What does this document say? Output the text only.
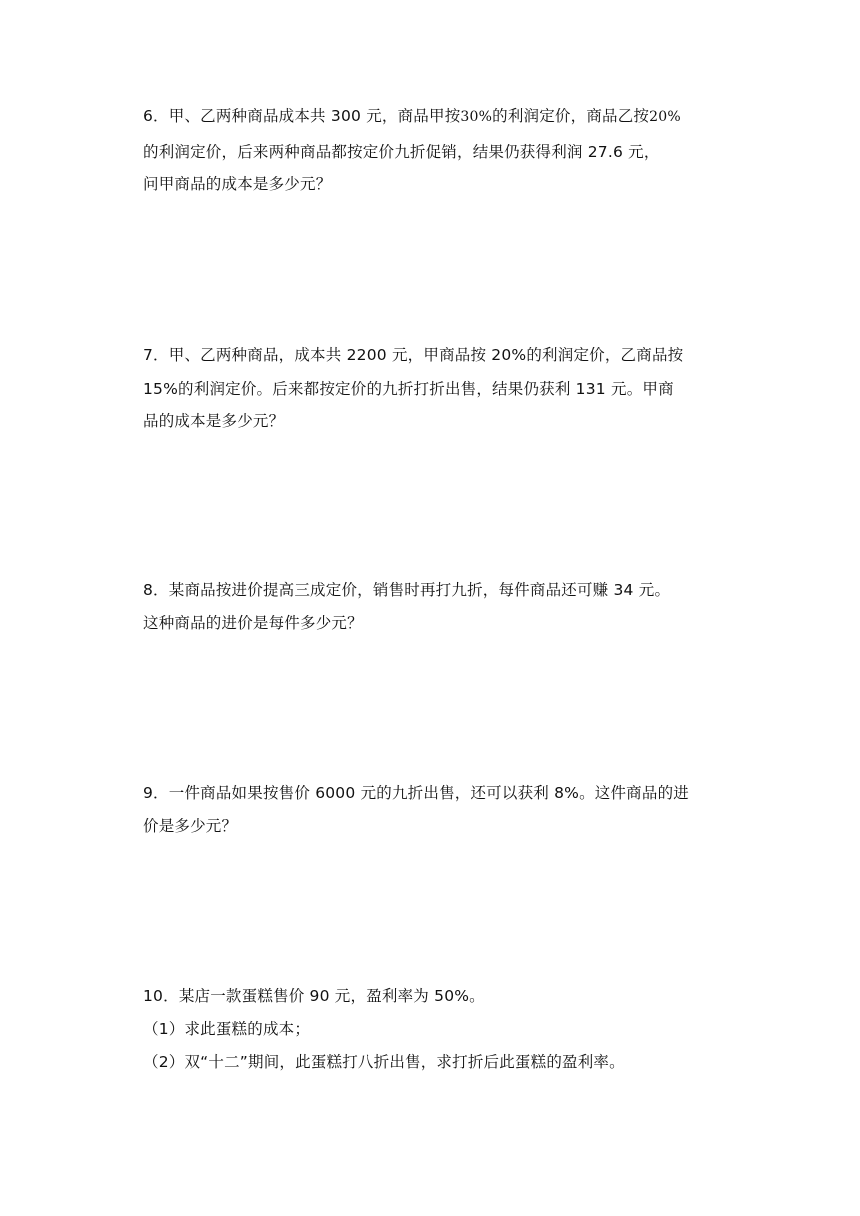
6．甲、乙两种商品成本共 300 元，商品甲按30%的利润定价，商品乙按20%
的利润定价，后来两种商品都按定价九折促销，结果仍获得利润 27.6 元，
问甲商品的成本是多少元？
7．甲、乙两种商品，成本共 2200 元，甲商品按 20%的利润定价，乙商品按
15%的利润定价。后来都按定价的九折打折出售，结果仍获利 131 元。甲商
品的成本是多少元？
8．某商品按进价提高三成定价，销售时再打九折，每件商品还可赚 34 元。
这种商品的进价是每件多少元？
9．一件商品如果按售价 6000 元的九折出售，还可以获利 8%。这件商品的进
价是多少元？
10．某店一款蛋糕售价 90 元，盈利率为 50%。
（1）求此蛋糕的成本；
（2）双“十二”期间，此蛋糕打八折出售，求打折后此蛋糕的盈利率。
